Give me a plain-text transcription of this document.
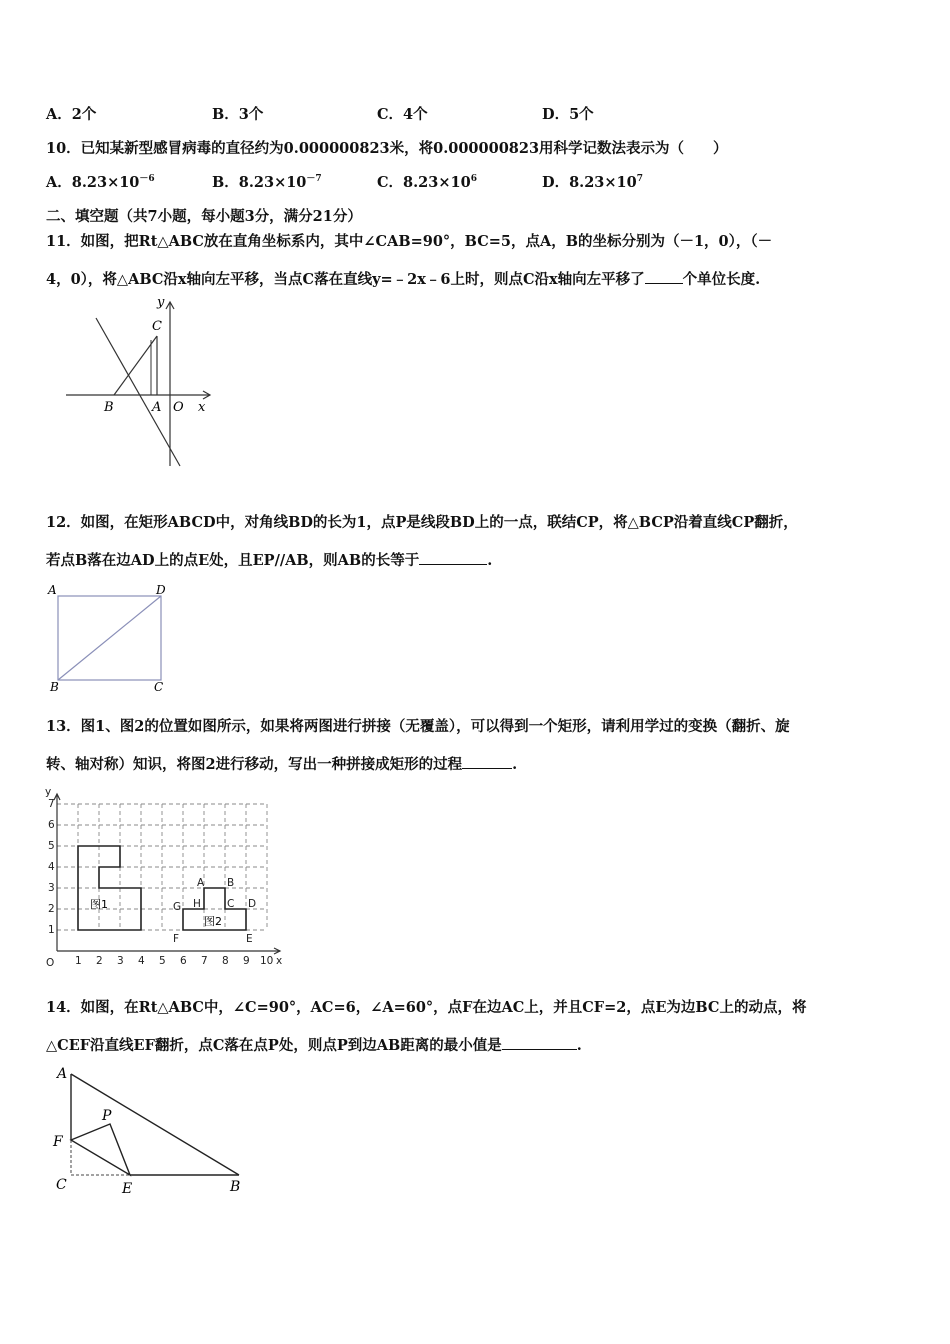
A．2个	B．3个	C．4个	D．5个
10．已知某新型感冒病毒的直径约为0.000000823米，将0.000000823用科学记数法表示为（　　）
A．$8.23\times 10^{-6}$	B．$8.23\times 10^{-7}$	C．$8.23\times 10^6$	D．$8.23\times 10^7$
二、填空题（共7小题，每小题3分，满分21分）
11．如图，把Rt△ABC放在直角坐标系内，其中∠CAB=90°，BC=5，点A，B的坐标分别为（－1，0），（－
4，0），将△ABC沿x轴向左平移，当点C落在直线y=﹣2x﹣6上时，则点C沿x轴向左平移了	个单位长度.
y
C
B	A O x
12．如图，在矩形ABCD中，对角线BD的长为1，点P是线段BD上的一点，联结CP，将△BCP沿着直线CP翻折，
若点B落在边AD上的点E处，且EP//AB，则AB的长等于	.
A	D
B	C
13．图1、图2的位置如图所示，如果将两图进行拼接（无覆盖），可以得到一个矩形，请利用学过的变换（翻折、旋
转、轴对称）知识，将图2进行移动，写出一种拼接成矩形的过程	.
图1
图2
y
1
2
3
4
5
6
7
O 1 2 3 4 5 6 7 8 9 10 x
A B
C D
E
F
G H
14．如图，在Rt△ABC中，∠C=90°，AC=6，∠A=60°，点F在边AC上，并且CF=2，点E为边BC上的动点，将
△CEF沿直线EF翻折，点C落在点P处，则点P到边AB距离的最小值是	.
A
P
F
C	E	B
